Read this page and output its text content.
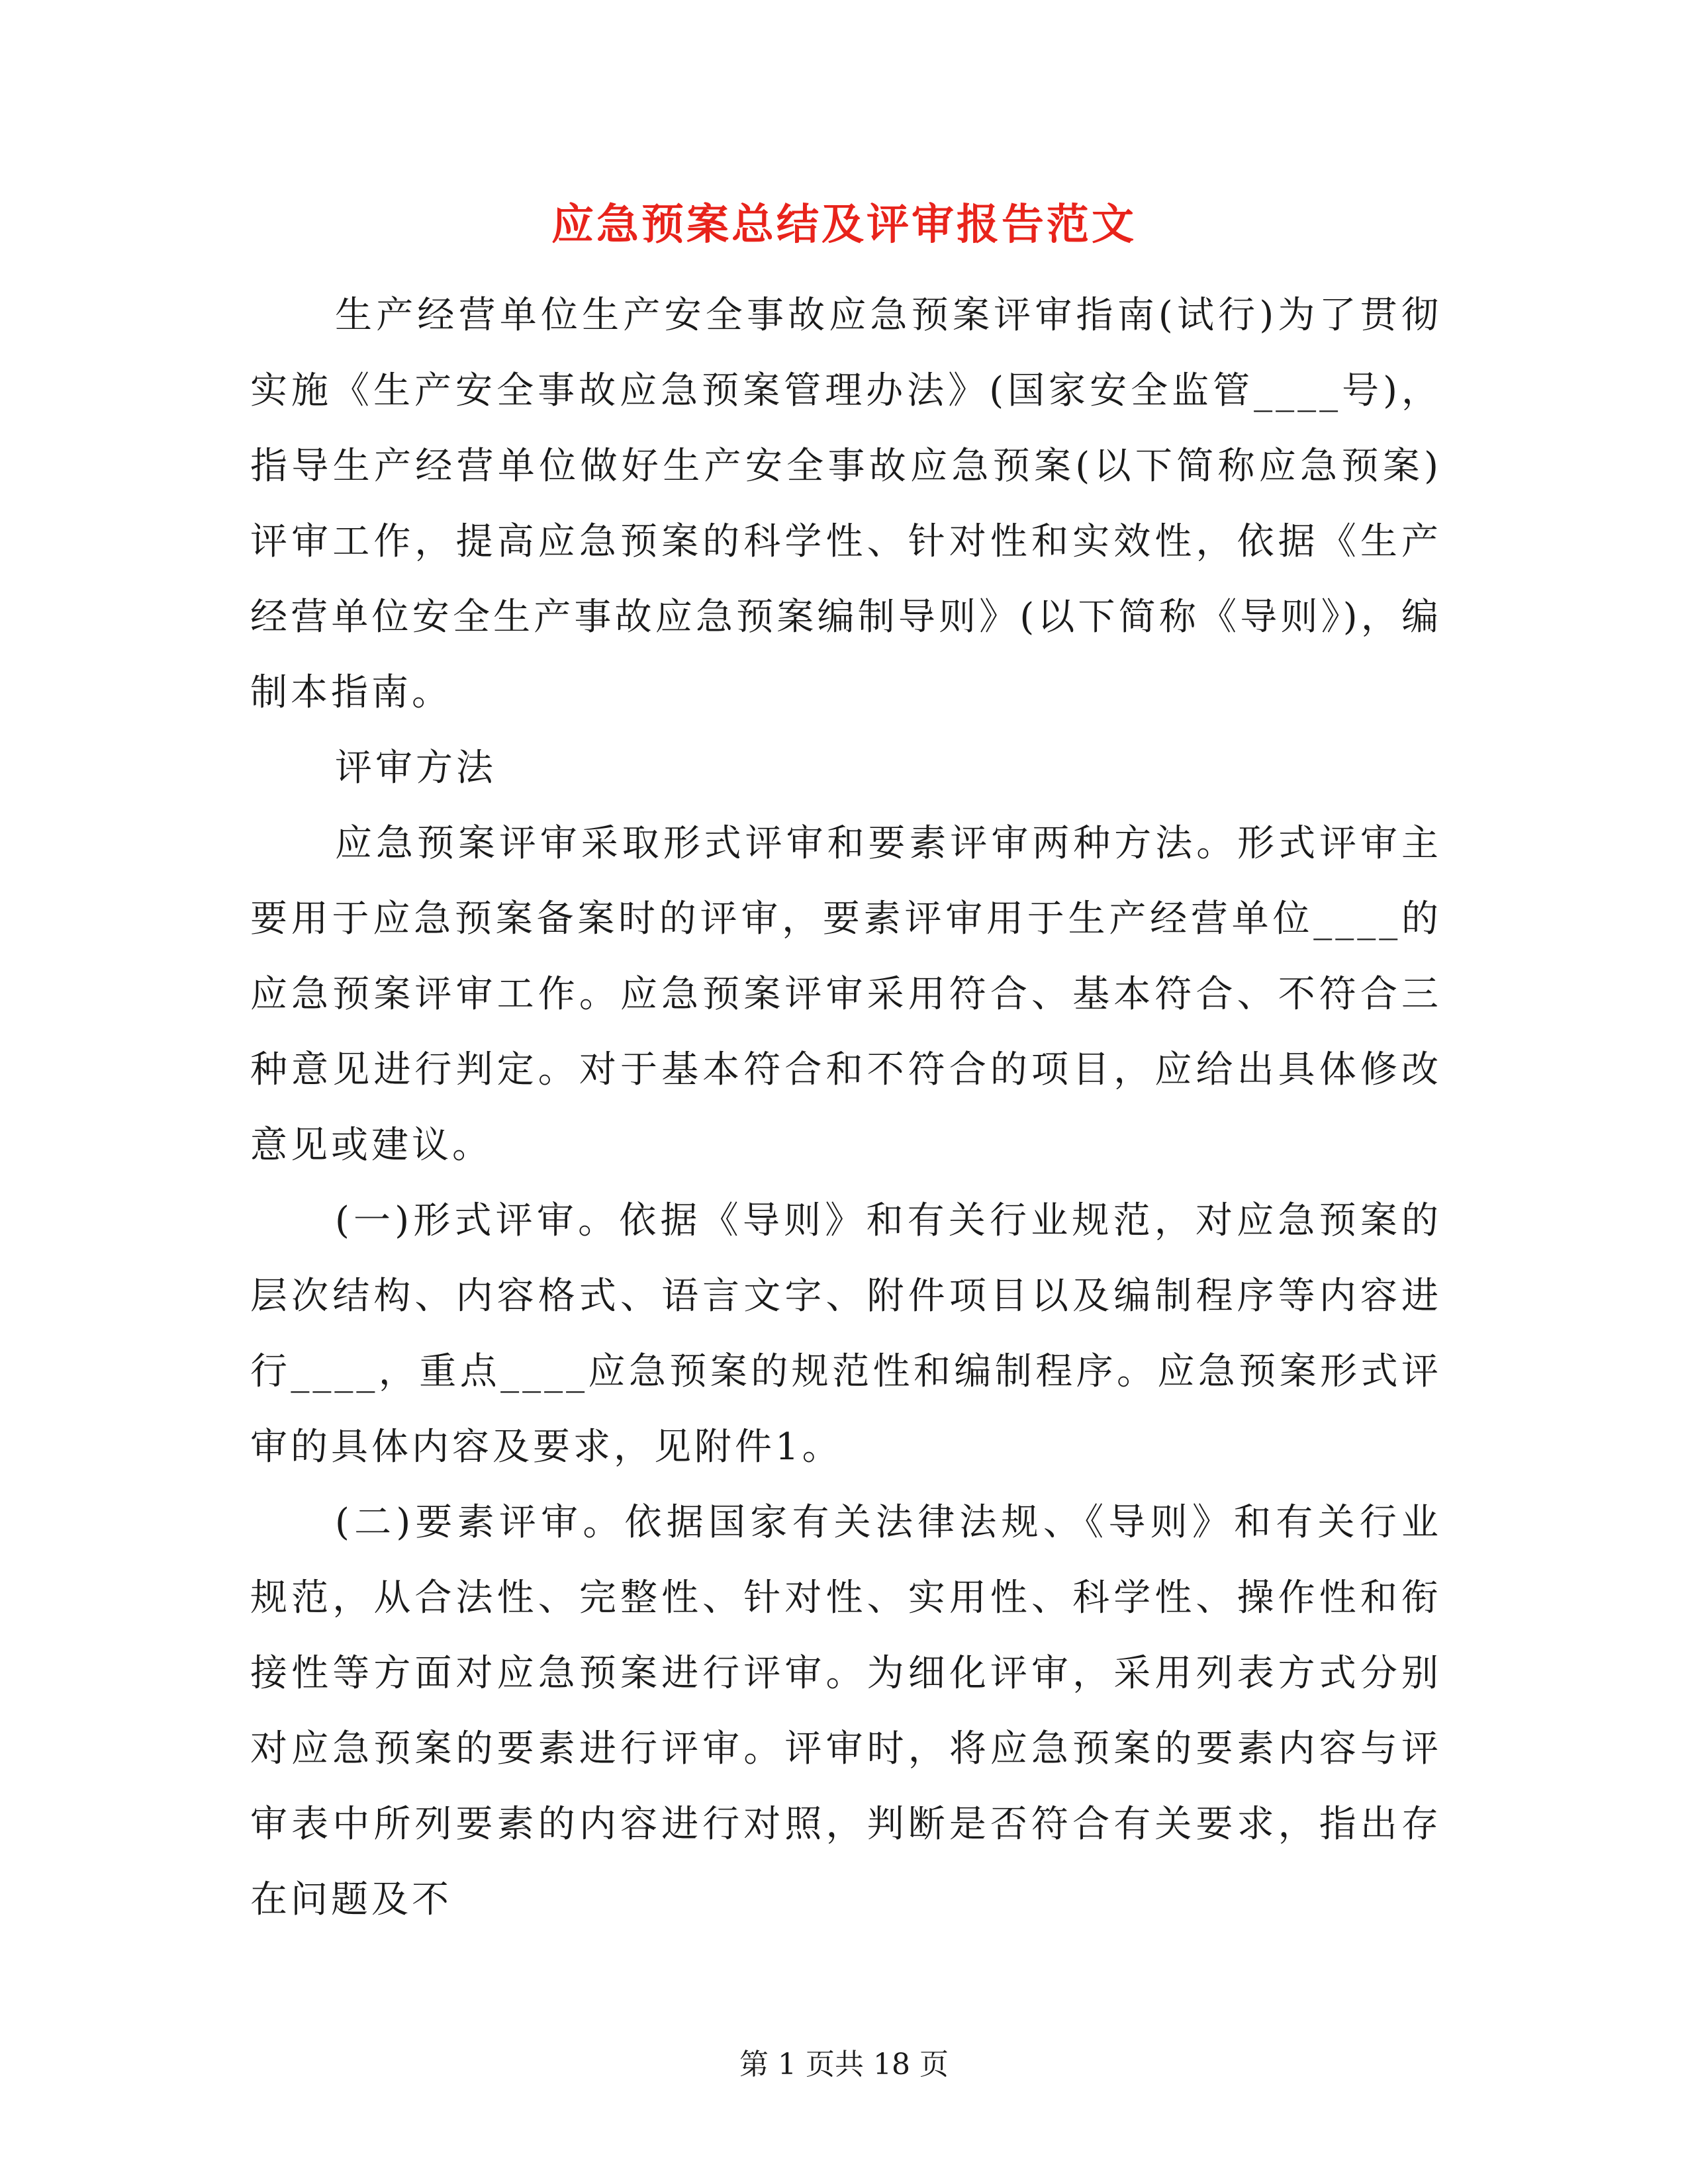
应急预案总结及评审报告范文

生产经营单位生产安全事故应急预案评审指南(试行)为了贯彻实施《生产安全事故应急预案管理办法》(国家安全监管____号)，指导生产经营单位做好生产安全事故应急预案(以下简称应急预案)评审工作，提高应急预案的科学性、针对性和实效性，依据《生产经营单位安全生产事故应急预案编制导则》(以下简称《导则》)，编制本指南。

评审方法

应急预案评审采取形式评审和要素评审两种方法。形式评审主要用于应急预案备案时的评审，要素评审用于生产经营单位____的应急预案评审工作。应急预案评审采用符合、基本符合、不符合三种意见进行判定。对于基本符合和不符合的项目，应给出具体修改意见或建议。

(一)形式评审。依据《导则》和有关行业规范，对应急预案的层次结构、内容格式、语言文字、附件项目以及编制程序等内容进行____，重点____应急预案的规范性和编制程序。应急预案形式评审的具体内容及要求，见附件1。

(二)要素评审。依据国家有关法律法规、《导则》和有关行业规范，从合法性、完整性、针对性、实用性、科学性、操作性和衔接性等方面对应急预案进行评审。为细化评审，采用列表方式分别对应急预案的要素进行评审。评审时，将应急预案的要素内容与评审表中所列要素的内容进行对照，判断是否符合有关要求，指出存在问题及不

第 1 页共 18 页
